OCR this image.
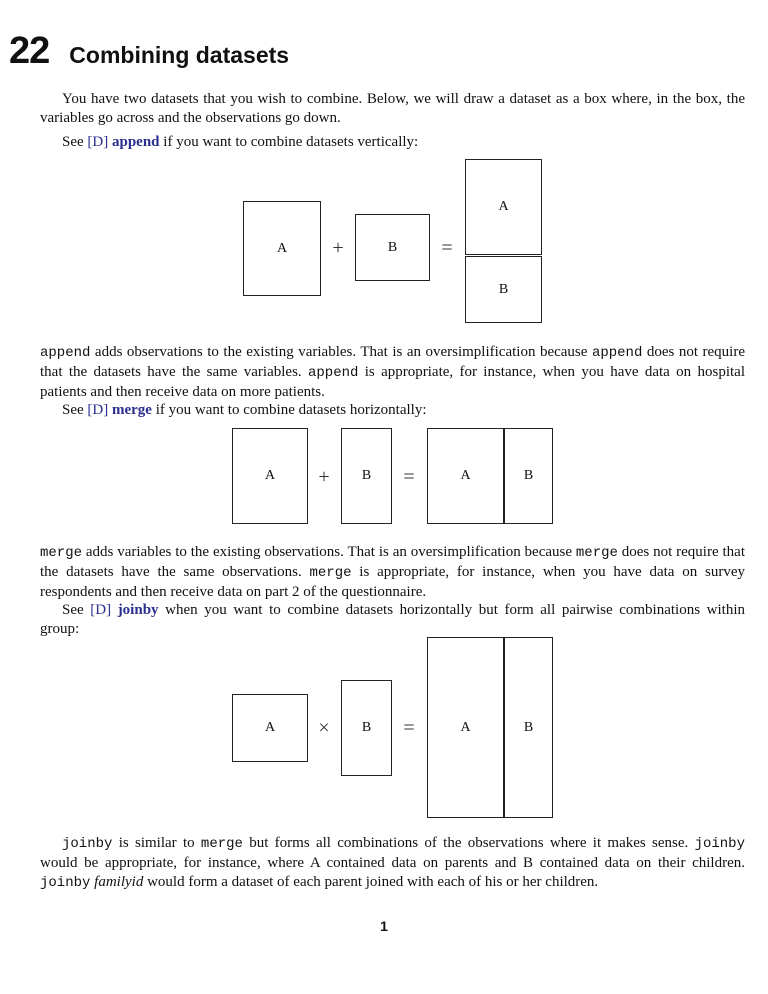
22 Combining datasets

You have two datasets that you wish to combine. Below, we will draw a dataset as a box where, in the box, the variables go across and the observations go down.

See [D] append if you want to combine datasets vertically:

A	+	B	=
A
B

append adds observations to the existing variables. That is an oversimplification because append does not require that the datasets have the same variables. append is appropriate, for instance, when you have data on hospital patients and then receive data on more patients.

See [D] merge if you want to combine datasets horizontally:

A	+	B	=	A	B

merge adds variables to the existing observations. That is an oversimplification because merge does not require that the datasets have the same observations. merge is appropriate, for instance, when you have data on survey respondents and then receive data on part 2 of the questionnaire.

See [D] joinby when you want to combine datasets horizontally but form all pairwise combinations within group:

A	×	B	=	A	B

joinby is similar to merge but forms all combinations of the observations where it makes sense. joinby would be appropriate, for instance, where A contained data on parents and B contained data on their children. joinby familyid would form a dataset of each parent joined with each of his or her children.

1
